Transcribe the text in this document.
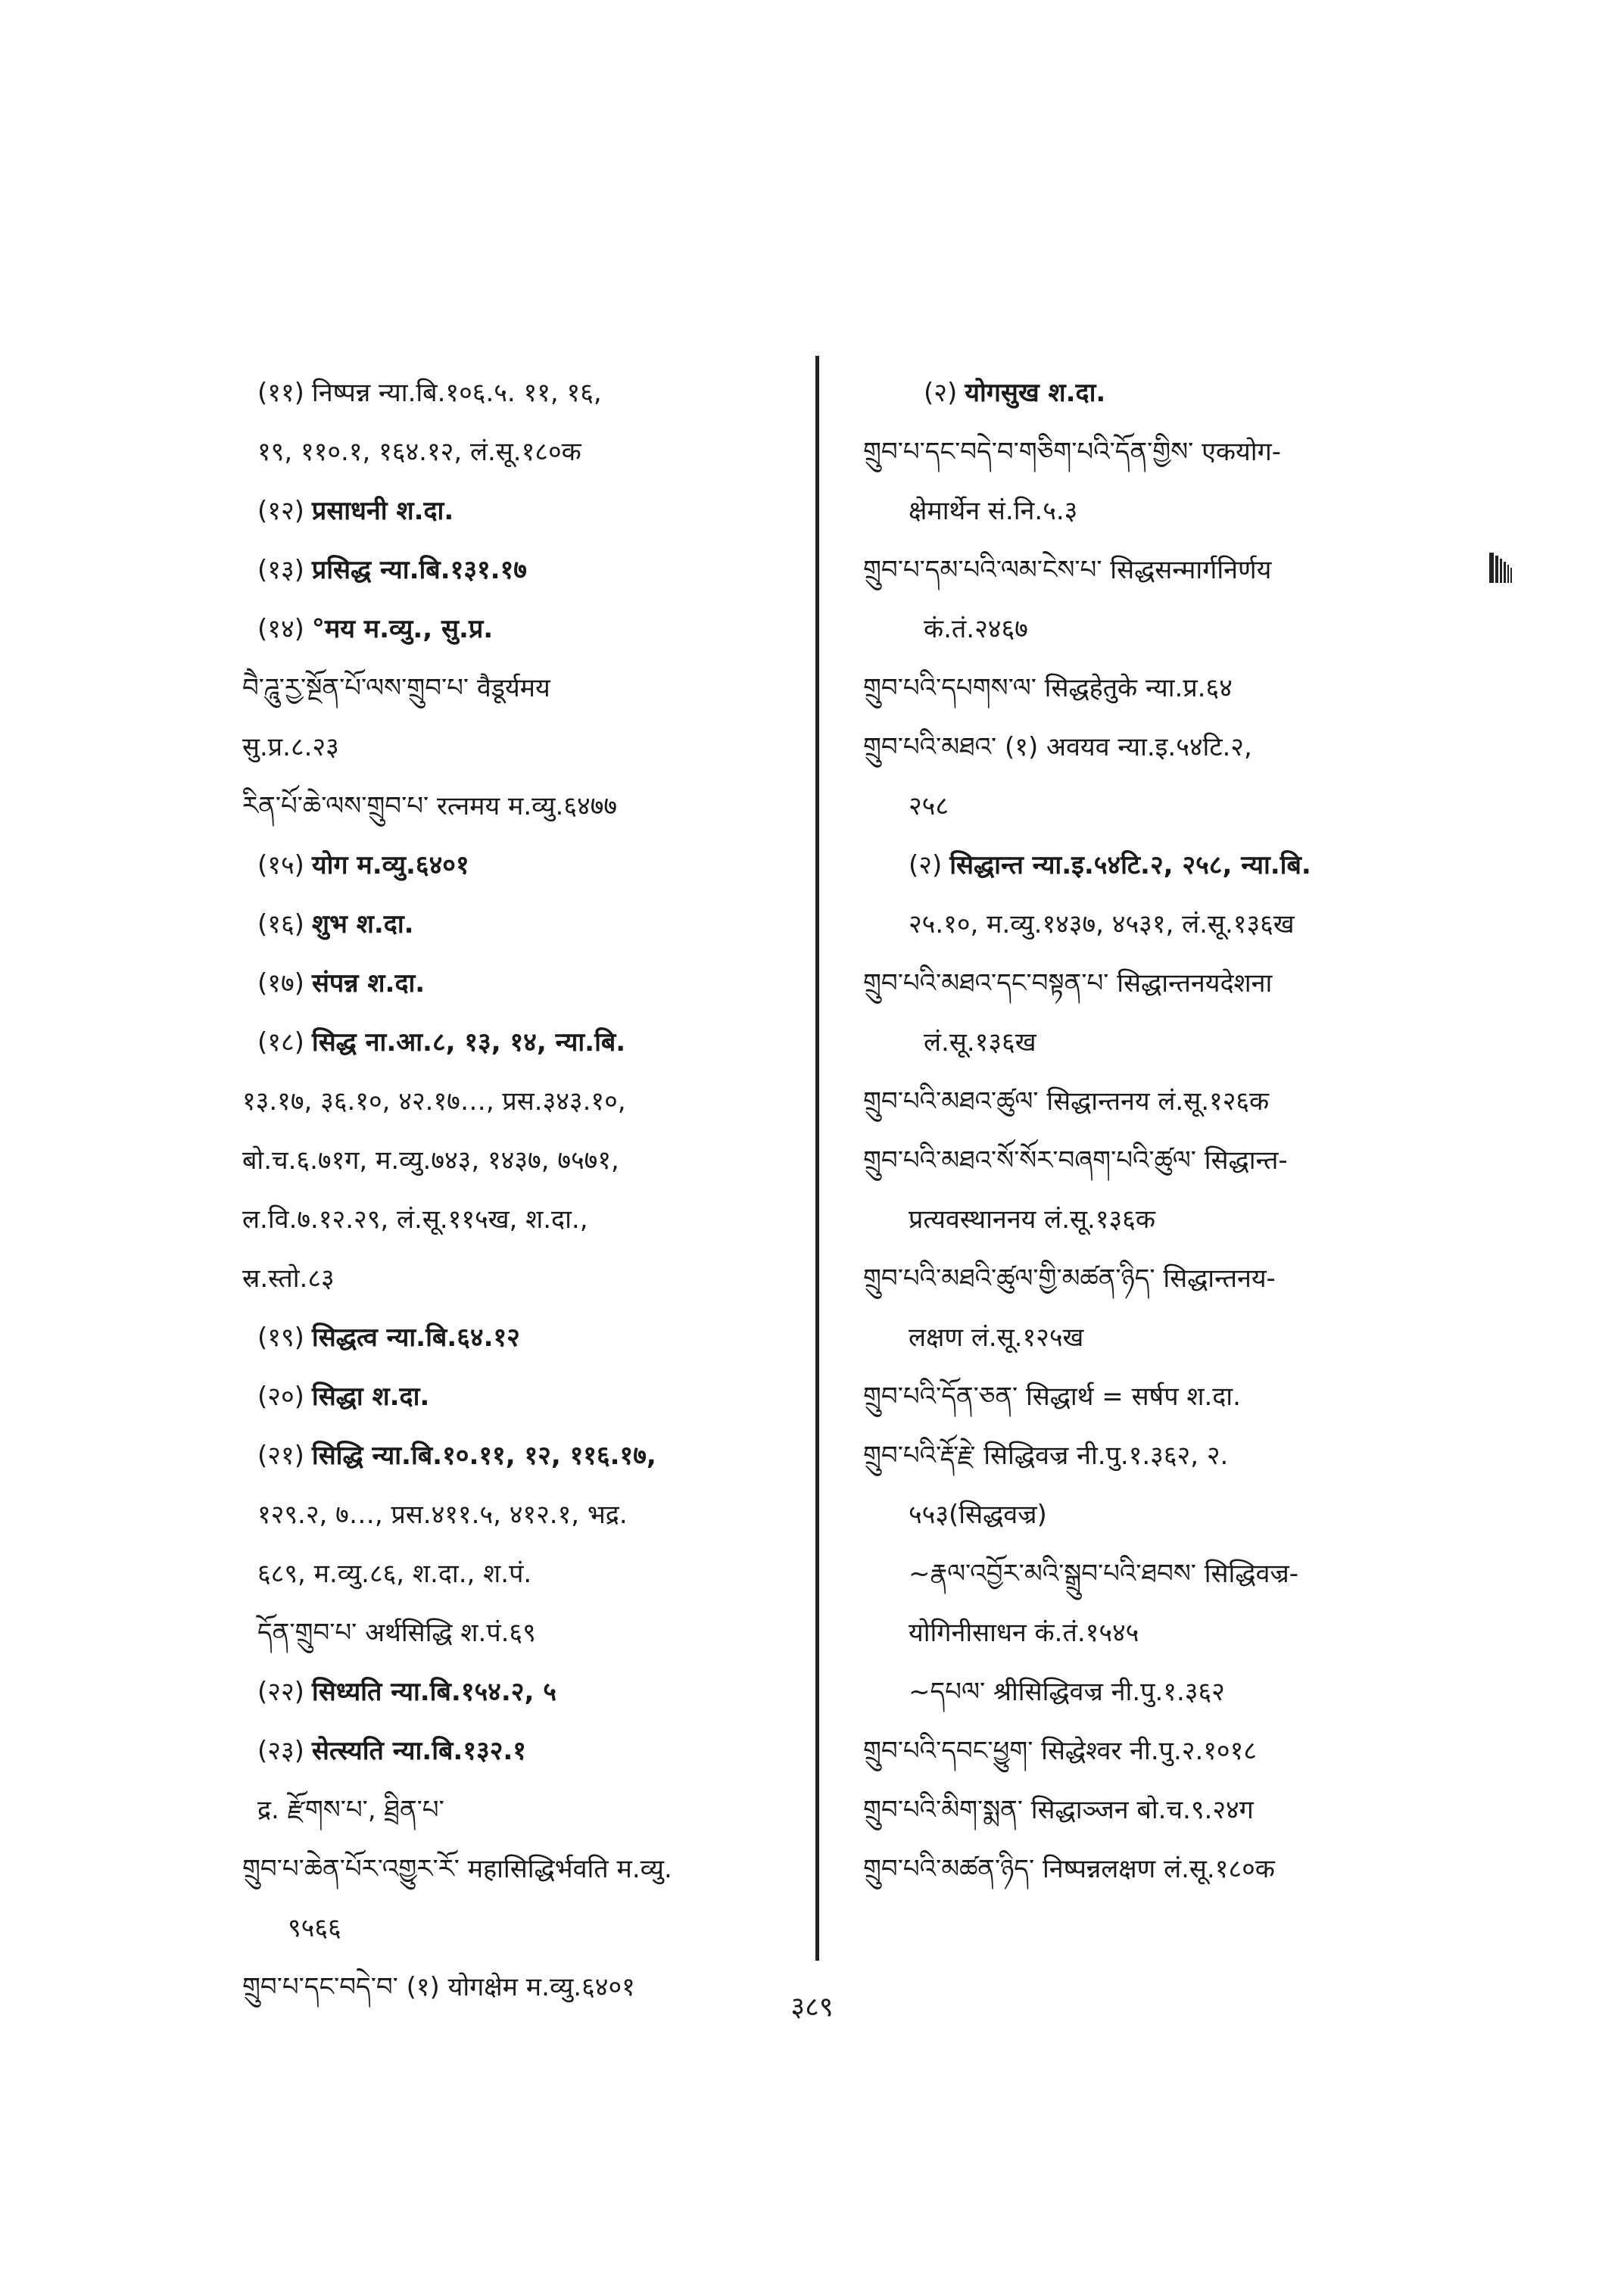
(११) निष्पन्न न्या.बि.१०६.५. ११, १६,
१९, ११०.१, १६४.१२, लं.सू.१८०क
(१२) प्रसाधनी श.दा.
(१३) प्रसिद्ध न्या.बि.१३१.१७
(१४) °मय म.व्यु., सु.प्र.
བཻ་ཌཱུ་རྱ་སྔོན་པོ་ལས་གྲུབ་པ་ वैडूर्यमय
सु.प्र.८.२३
རིན་པོ་ཆེ་ལས་གྲུབ་པ་ रत्नमय म.व्यु.६४७७
(१५) योग म.व्यु.६४०१
(१६) शुभ श.दा.
(१७) संपन्न श.दा.
(१८) सिद्ध ना.आ.८, १३, १४, न्या.बि.
१३.१७, ३६.१०, ४२.१७…, प्रस.३४३.१०,
बो.च.६.७१ग, म.व्यु.७४३, १४३७, ७५७१,
ल.वि.७.१२.२९, लं.सू.११५ख, श.दा.,
स्र.स्तो.८३
(१९) सिद्धत्व न्या.बि.६४.१२
(२०) सिद्धा श.दा.
(२१) सिद्धि न्या.बि.१०.११, १२, ११६.१७,
१२९.२, ७…, प्रस.४११.५, ४१२.१, भद्र.
६८९, म.व्यु.८६, श.दा., श.पं.
དོན་གྲུབ་པ་ अर्थसिद्धि श.पं.६९
(२२) सिध्यति न्या.बि.१५४.२, ५
(२३) सेत्स्यति न्या.बि.१३२.१
द्र. རྫོགས་པ་, ཐྲིན་པ་
གྲུབ་པ་ཆེན་པོར་འགྱུར་རོ་ महासिद्धिर्भवति म.व्यु.
९५६६
གྲུབ་པ་དང་བདེ་བ་ (१) योगक्षेम म.व्यु.६४०१
(२) योगसुख श.दा.
གྲུབ་པ་དང་བདེ་བ་གཅིག་པའི་དོན་གྱིས་ एकयोग-
क्षेमार्थेन सं.नि.५.३
གྲུབ་པ་དམ་པའི་ལམ་ངེས་པ་ सिद्धसन्मार्गनिर्णय
कं.तं.२४६७
གྲུབ་པའི་དཔགས་ལ་ सिद्धहेतुके न्या.प्र.६४
གྲུབ་པའི་མཐའ་ (१) अवयव न्या.इ.५४टि.२,
२५८
(२) सिद्धान्त न्या.इ.५४टि.२, २५८, न्या.बि.
२५.१०, म.व्यु.१४३७, ४५३१, लं.सू.१३६ख
གྲུབ་པའི་མཐའ་དང་བསྟན་པ་ सिद्धान्तनयदेशना
लं.सू.१३६ख
གྲུབ་པའི་མཐའ་ཚུལ་ सिद्धान्तनय लं.सू.१२६क
གྲུབ་པའི་མཐའ་སོ་སོར་བཞག་པའི་ཚུལ་ सिद्धान्त-
प्रत्यवस्थाननय लं.सू.१३६क
གྲུབ་པའི་མཐའི་ཚུལ་གྱི་མཚན་ཉིད་ सिद्धान्तनय-
लक्षण लं.सू.१२५ख
གྲུབ་པའི་དོན་ཅན་ सिद्धार्थ = सर्षप श.दा.
གྲུབ་པའི་རྡོ་རྗེ་ सिद्धिवज्र नी.पु.१.३६२, २.
५५३(सिद्धवज्र)
~རྣལ་འབྱོར་མའི་སྒྲུབ་པའི་ཐབས་ सिद्धिवज्र-
योगिनीसाधन कं.तं.१५४५
~དཔལ་ श्रीसिद्धिवज्र नी.पु.१.३६२
གྲུབ་པའི་དབང་ཕྱུག་ सिद्धेश्वर नी.पु.२.१०१८
གྲུབ་པའི་མིག་སྨན་ सिद्धाञ्जन बो.च.९.२४ग
གྲུབ་པའི་མཚན་ཉིད་ निष्पन्नलक्षण लं.सू.१८०क
३८९
